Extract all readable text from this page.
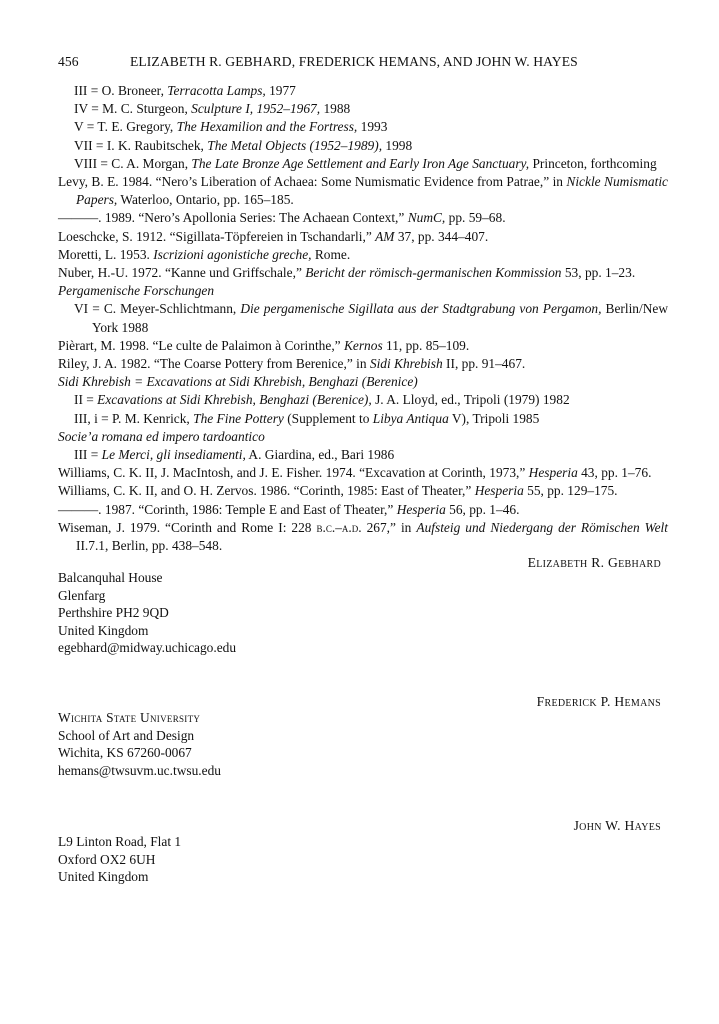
456	ELIZABETH R. GEBHARD, FREDERICK HEMANS, AND JOHN W. HAYES
III = O. Broneer, Terracotta Lamps, 1977
IV = M. C. Sturgeon, Sculpture I, 1952–1967, 1988
V = T. E. Gregory, The Hexamilion and the Fortress, 1993
VII = I. K. Raubitschek, The Metal Objects (1952–1989), 1998
VIII = C. A. Morgan, The Late Bronze Age Settlement and Early Iron Age Sanctuary, Princeton, forthcoming
Levy, B. E. 1984. “Nero’s Liberation of Achaea: Some Numismatic Evidence from Patrae,” in Nickle Numismatic Papers, Waterloo, Ontario, pp. 165–185.
———. 1989. “Nero’s Apollonia Series: The Achaean Context,” NumC, pp. 59–68.
Loeschcke, S. 1912. “Sigillata-Töpfereien in Tschandarli,” AM 37, pp. 344–407.
Moretti, L. 1953. Iscrizioni agonistiche greche, Rome.
Nuber, H.-U. 1972. “Kanne und Griffschale,” Bericht der römisch-germanischen Kommission 53, pp. 1–23.
Pergamenische Forschungen
VI = C. Meyer-Schlichtmann, Die pergamenische Sigillata aus der Stadtgrabung von Pergamon, Berlin/New York 1988
Pièrart, M. 1998. “Le culte de Palaimon à Corinthe,” Kernos 11, pp. 85–109.
Riley, J. A. 1982. “The Coarse Pottery from Berenice,” in Sidi Khrebish II, pp. 91–467.
Sidi Khrebish = Excavations at Sidi Khrebish, Benghazi (Berenice)
II = Excavations at Sidi Khrebish, Benghazi (Berenice), J. A. Lloyd, ed., Tripoli (1979) 1982
III, i = P. M. Kenrick, The Fine Pottery (Supplement to Libya Antiqua V), Tripoli 1985
Socie’a romana ed impero tardoantico
III = Le Merci, gli insediamenti, A. Giardina, ed., Bari 1986
Williams, C. K. II, J. MacIntosh, and J. E. Fisher. 1974. “Excavation at Corinth, 1973,” Hesperia 43, pp. 1–76.
Williams, C. K. II, and O. H. Zervos. 1986. “Corinth, 1985: East of Theater,” Hesperia 55, pp. 129–175.
———. 1987. “Corinth, 1986: Temple E and East of Theater,” Hesperia 56, pp. 1–46.
Wiseman, J. 1979. “Corinth and Rome I: 228 b.c.–a.d. 267,” in Aufsteig und Niedergang der Römischen Welt II.7.1, Berlin, pp. 438–548.
Elizabeth R. Gebhard
Balcanquhal House
Glenfarg
Perthshire PH2 9QD
United Kingdom
egebhard@midway.uchicago.edu
Frederick P. Hemans
Wichita State University
School of Art and Design
Wichita, KS 67260-0067
hemans@twsuvm.uc.twsu.edu
John W. Hayes
L9 Linton Road, Flat 1
Oxford OX2 6UH
United Kingdom
